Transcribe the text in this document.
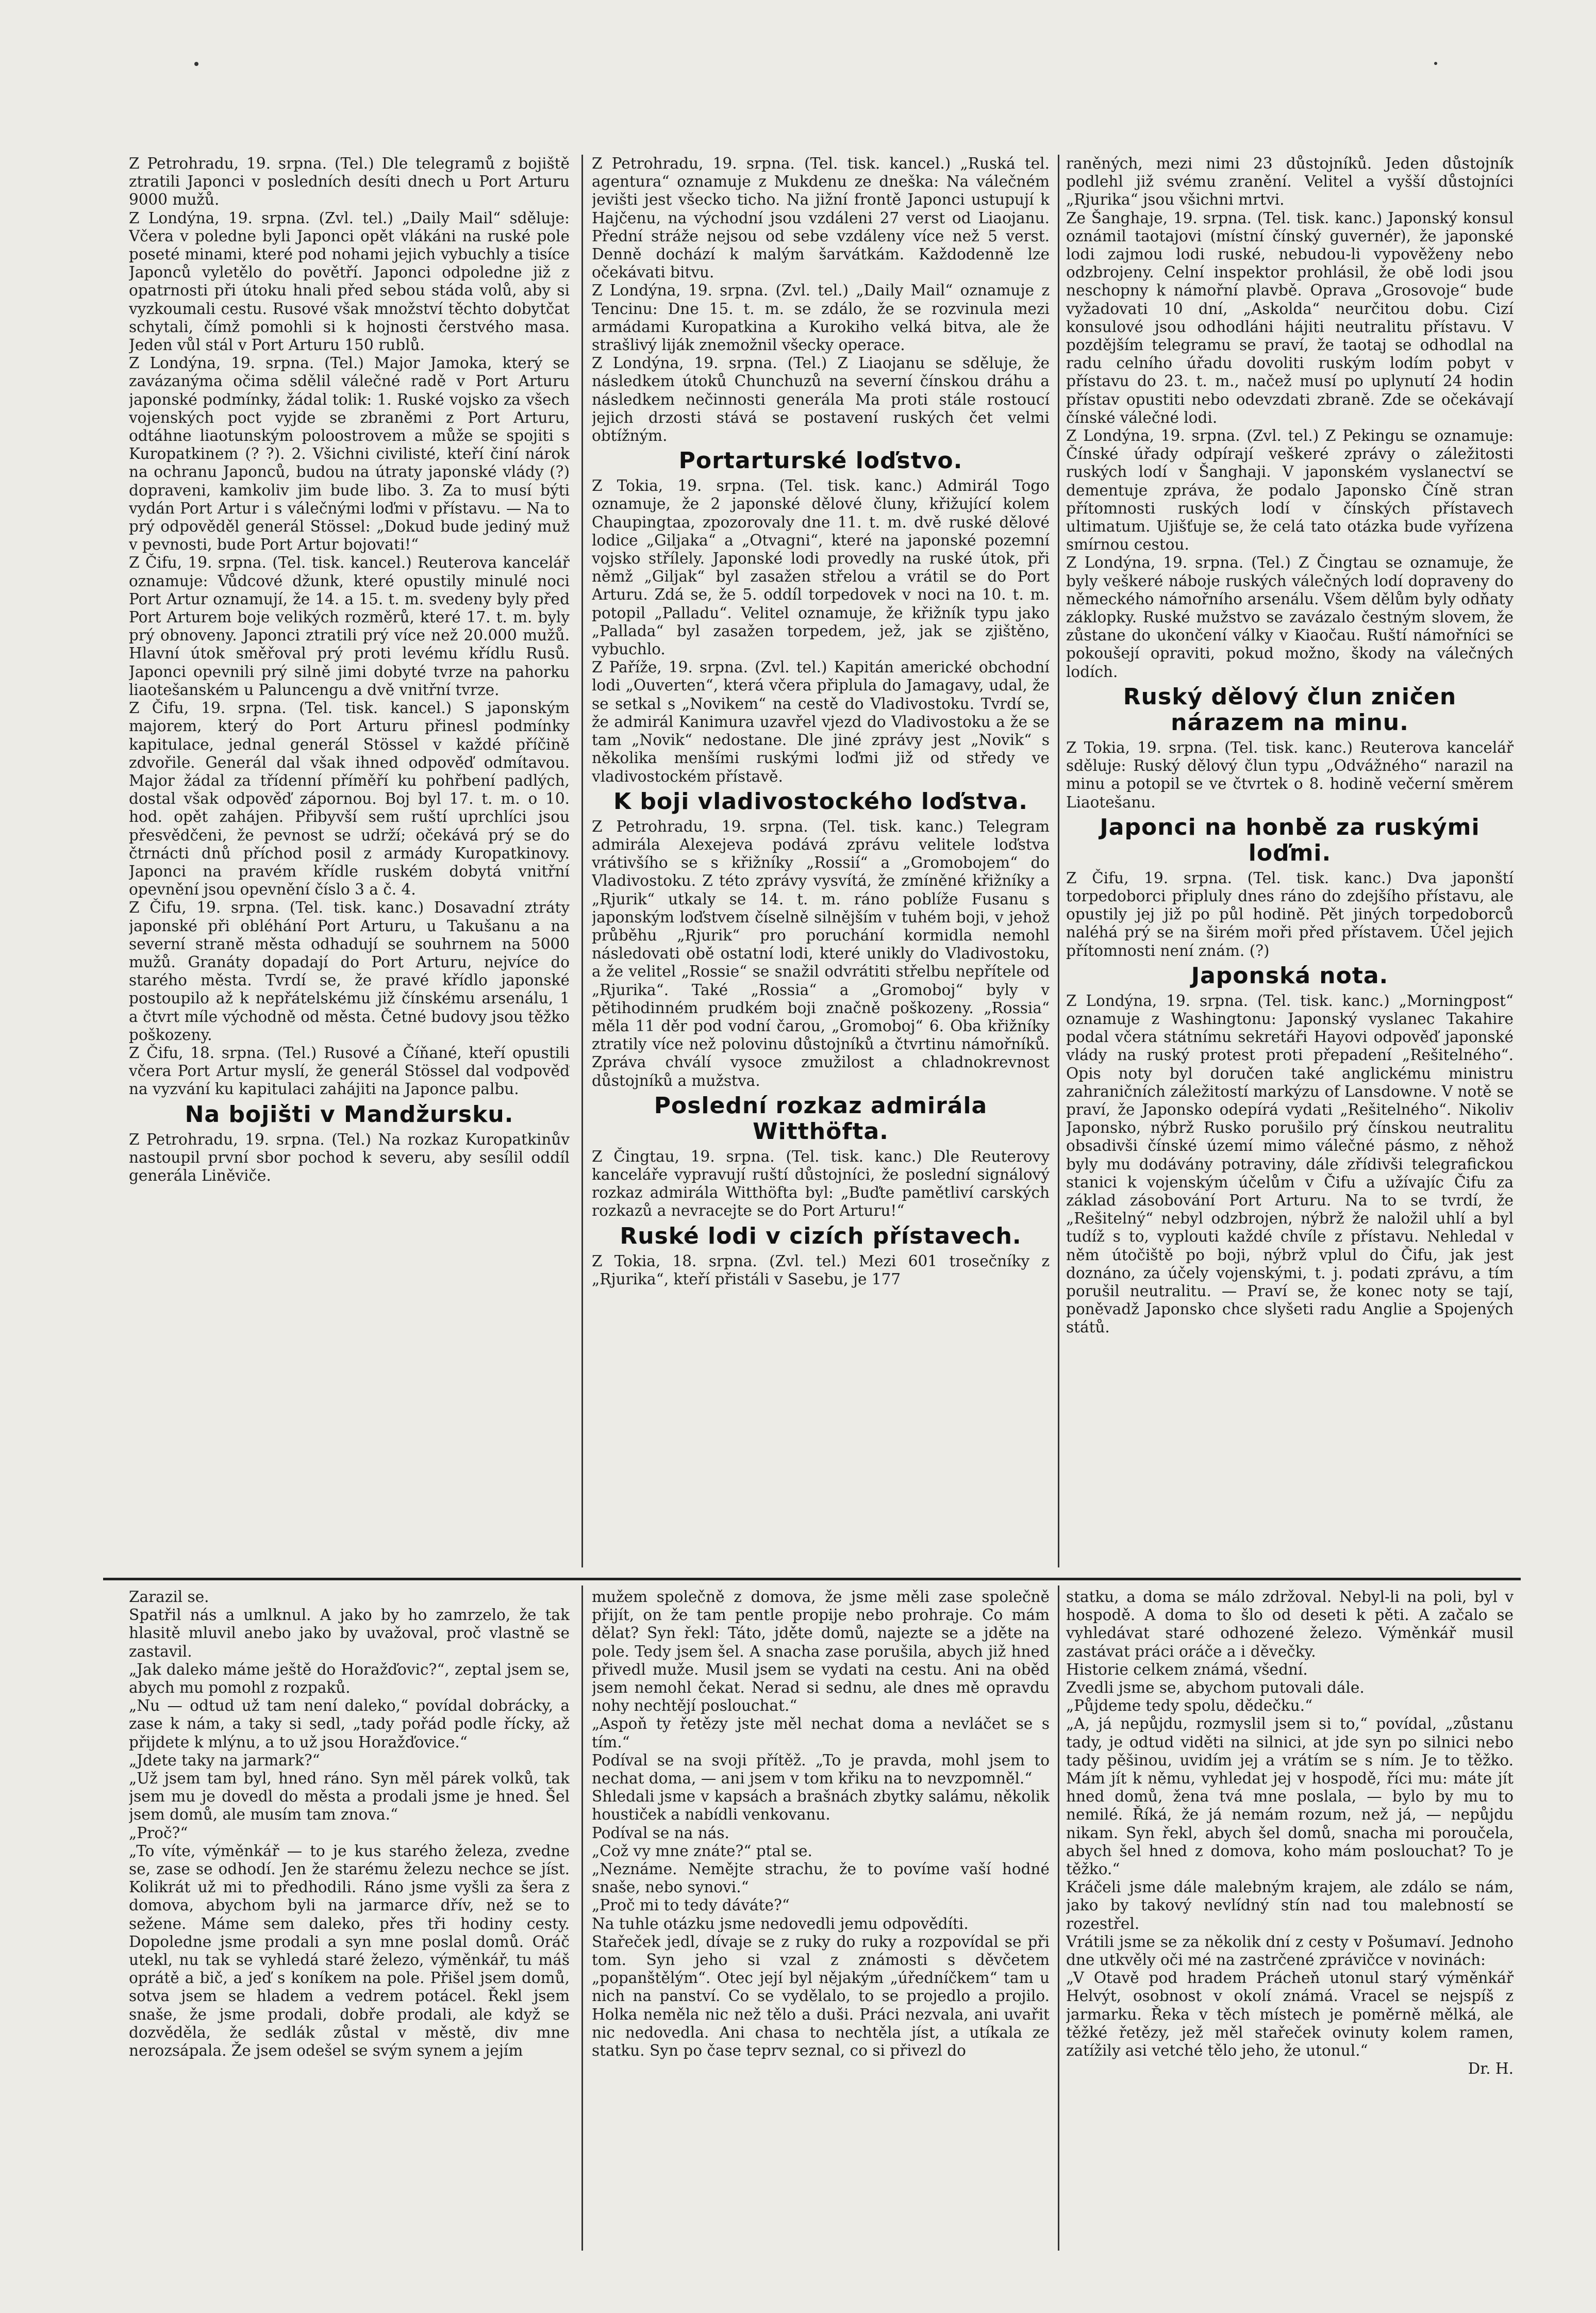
Z Petrohradu, 19. srpna. (Tel.) Dle telegramů z bojiště ztratili Japonci v posledních desíti dnech u Port Arturu 9000 mužů.

Z Londýna, 19. srpna. (Zvl. tel.) „Daily Mail“ sděluje: Včera v poledne byli Japonci opět vlákáni na ruské pole poseté minami, které pod nohami jejich vybuchly a tisíce Japonců vyletělo do povětří. Japonci odpoledne již z opatrnosti při útoku hnali před sebou stáda volů, aby si vyzkoumali cestu. Rusové však množství těchto dobytčat schytali, čímž pomohli si k hojnosti čerstvého masa. Jeden vůl stál v Port Arturu 150 rublů.

Z Londýna, 19. srpna. (Tel.) Major Jamoka, který se zavázanýma očima sdělil válečné radě v Port Arturu japonské podmínky, žádal tolik: 1. Ruské vojsko za všech vojenských poct vyjde se zbraněmi z Port Arturu, odtáhne liaotunským poloostrovem a může se spojiti s Kuropatkinem (? ?). 2. Všichni civilisté, kteří činí nárok na ochranu Japonců, budou na útraty japonské vlády (?) dopraveni, kamkoliv jim bude libo. 3. Za to musí býti vydán Port Artur i s válečnými loďmi v přístavu. — Na to prý odpověděl generál Stössel: „Dokud bude jediný muž v pevnosti, bude Port Artur bojovati!“

Z Čifu, 19. srpna. (Tel. tisk. kancel.) Reuterova kancelář oznamuje: Vůdcové džunk, které opustily minulé noci Port Artur oznamují, že 14. a 15. t. m. svedeny byly před Port Arturem boje velikých rozměrů, které 17. t. m. byly prý obnoveny. Japonci ztratili prý více než 20.000 mužů. Hlavní útok směřoval prý proti levému křídlu Rusů. Japonci opevnili prý silně jimi dobyté tvrze na pahorku liaotešanském u Paluncengu a dvě vnitřní tvrze.

Z Čifu, 19. srpna. (Tel. tisk. kancel.) S japonským majorem, který do Port Arturu přinesl podmínky kapitulace, jednal generál Stössel v každé příčině zdvořile. Generál dal však ihned odpověď odmítavou. Major žádal za třídenní příměří ku pohřbení padlých, dostal však odpověď zápornou. Boj byl 17. t. m. o 10. hod. opět zahájen. Přibyvší sem ruští uprchlíci jsou přesvědčeni, že pevnost se udrží; očekává prý se do čtrnácti dnů příchod posil z armády Kuropatkinovy. Japonci na pravém křídle ruském dobytá vnitřní opevnění jsou opevnění číslo 3 a č. 4.

Z Čifu, 19. srpna. (Tel. tisk. kanc.) Dosavadní ztráty japonské při obléhání Port Arturu, u Takušanu a na severní straně města odhadují se souhrnem na 5000 mužů. Granáty dopadají do Port Arturu, nejvíce do starého města. Tvrdí se, že pravé křídlo japonské postoupilo až k nepřátelskému již čínskému arsenálu, 1 a čtvrt míle východně od města. Četné budovy jsou těžko poškozeny.

Z Čifu, 18. srpna. (Tel.) Rusové a Číňané, kteří opustili včera Port Artur myslí, že generál Stössel dal vodpověď na vyzvání ku kapitulaci zahájiti na Japonce palbu.

Na bojišti v Mandžursku.

Z Petrohradu, 19. srpna. (Tel.) Na rozkaz Kuropatkinův nastoupil první sbor pochod k severu, aby sesílil oddíl generála Liněviče.

Z Petrohradu, 19. srpna. (Tel. tisk. kancel.) „Ruská tel. agentura“ oznamuje z Mukdenu ze dneška: Na válečném jevišti jest všecko ticho. Na jižní frontě Japonci ustupují k Hajčenu, na východní jsou vzdáleni 27 verst od Liaojanu. Přední stráže nejsou od sebe vzdáleny více než 5 verst. Denně dochází k malým šarvátkám. Každodenně lze očekávati bitvu.

Z Londýna, 19. srpna. (Zvl. tel.) „Daily Mail“ oznamuje z Tencinu: Dne 15. t. m. se zdálo, že se rozvinula mezi armádami Kuropatkina a Kurokiho velká bitva, ale že strašlivý liják znemožnil všecky operace.

Z Londýna, 19. srpna. (Tel.) Z Liaojanu se sděluje, že následkem útoků Chunchuzů na severní čínskou dráhu a následkem nečinnosti generála Ma proti stále rostoucí jejich drzosti stává se postavení ruských čet velmi obtížným.

Portarturské loďstvo.

Z Tokia, 19. srpna. (Tel. tisk. kanc.) Admirál Togo oznamuje, že 2 japonské dělové čluny, křižující kolem Chaupingtaa, zpozorovaly dne 11. t. m. dvě ruské dělové lodice „Giljaka“ a „Otvagni“, které na japonské pozemní vojsko střílely. Japonské lodi provedly na ruské útok, při němž „Giljak“ byl zasažen střelou a vrátil se do Port Arturu. Zdá se, že 5. oddíl torpedovek v noci na 10. t. m. potopil „Palladu“. Velitel oznamuje, že křižník typu jako „Pallada“ byl zasažen torpedem, jež, jak se zjištěno, vybuchlo.

Z Paříže, 19. srpna. (Zvl. tel.) Kapitán americké obchodní lodi „Ouverten“, která včera připlula do Jamagavy, udal, že se setkal s „Novikem“ na cestě do Vladivostoku. Tvrdí se, že admirál Kanimura uzavřel vjezd do Vladivostoku a že se tam „Novik“ nedostane. Dle jiné zprávy jest „Novik“ s několika menšími ruskými loďmi již od středy ve vladivostockém přístavě.

K boji vladivostockého loďstva.

Z Petrohradu, 19. srpna. (Tel. tisk. kanc.) Telegram admirála Alexejeva podává zprávu velitele loďstva vrátivšího se s křižníky „Rossií“ a „Gromobojem“ do Vladivostoku. Z této zprávy vysvítá, že zmíněné křižníky a „Rjurik“ utkaly se 14. t. m. ráno poblíže Fusanu s japonským loďstvem číselně silnějším v tuhém boji, v jehož průběhu „Rjurik“ pro poruchání kormidla nemohl následovati obě ostatní lodi, které unikly do Vladivostoku, a že velitel „Rossie“ se snažil odvrátiti střelbu nepřítele od „Rjurika“. Také „Rossia“ a „Gromoboj“ byly v pětihodinném prudkém boji značně poškozeny. „Rossia“ měla 11 děr pod vodní čarou, „Gromoboj“ 6. Oba křižníky ztratily více než polovinu důstojníků a čtvrtinu námořníků. Zpráva chválí vysoce zmužilost a chladnokrevnost důstojníků a mužstva.

Poslední rozkaz admirála Witthöfta.

Z Čingtau, 19. srpna. (Tel. tisk. kanc.) Dle Reuterovy kanceláře vypravují ruští důstojníci, že poslední signálový rozkaz admirála Witthöfta byl: „Buďte pamětliví carských rozkazů a nevracejte se do Port Arturu!“

Ruské lodi v cizích přístavech.

Z Tokia, 18. srpna. (Zvl. tel.) Mezi 601 trosečníky z „Rjurika“, kteří přistáli v Sasebu, je 177

raněných, mezi nimi 23 důstojníků. Jeden důstojník podlehl již svému zranění. Velitel a vyšší důstojníci „Rjurika“ jsou všichni mrtvi.

Ze Šanghaje, 19. srpna. (Tel. tisk. kanc.) Japonský konsul oznámil taotajovi (místní čínský guvernér), že japonské lodi zajmou lodi ruské, nebudou-li vypověženy nebo odzbrojeny. Celní inspektor prohlásil, že obě lodi jsou neschopny k námořní plavbě. Oprava „Grosovoje“ bude vyžadovati 10 dní, „Askolda“ neurčitou dobu. Cizí konsulové jsou odhodláni hájiti neutralitu přístavu. V pozdějším telegramu se praví, že taotaj se odhodlal na radu celního úřadu dovoliti ruským lodím pobyt v přístavu do 23. t. m., načež musí po uplynutí 24 hodin přístav opustiti nebo odevzdati zbraně. Zde se očekávají čínské válečné lodi.

Z Londýna, 19. srpna. (Zvl. tel.) Z Pekingu se oznamuje: Čínské úřady odpírají veškeré zprávy o záležitosti ruských lodí v Šanghaji. V japonském vyslanectví se dementuje zpráva, že podalo Japonsko Číně stran přítomnosti ruských lodí v čínských přístavech ultimatum. Ujišťuje se, že celá tato otázka bude vyřízena smírnou cestou.

Z Londýna, 19. srpna. (Tel.) Z Čingtau se oznamuje, že byly veškeré náboje ruských válečných lodí dopraveny do německého námořního arsenálu. Všem dělům byly odňaty záklopky. Ruské mužstvo se zavázalo čestným slovem, že zůstane do ukončení války v Kiaočau. Ruští námořníci se pokoušejí opraviti, pokud možno, škody na válečných lodích.

Ruský dělový člun zničen nárazem na minu.

Z Tokia, 19. srpna. (Tel. tisk. kanc.) Reuterova kancelář sděluje: Ruský dělový člun typu „Odvážného“ narazil na minu a potopil se ve čtvrtek o 8. hodině večerní směrem Liaotešanu.

Japonci na honbě za ruskými loďmi.

Z Čifu, 19. srpna. (Tel. tisk. kanc.) Dva japonští torpedoborci připluly dnes ráno do zdejšího přístavu, ale opustily jej již po půl hodině. Pět jiných torpedoborců naléhá prý se na širém moři před přístavem. Účel jejich přítomnosti není znám. (?)

Japonská nota.

Z Londýna, 19. srpna. (Tel. tisk. kanc.) „Morningpost“ oznamuje z Washingtonu: Japonský vyslanec Takahire podal včera státnímu sekretáři Hayovi odpověď japonské vlády na ruský protest proti přepadení „Rešitelného“. Opis noty byl doručen také anglickému ministru zahraničních záležitostí markýzu of Lansdowne. V notě se praví, že Japonsko odepírá vydati „Rešitelného“. Nikoliv Japonsko, nýbrž Rusko porušilo prý čínskou neutralitu obsadivši čínské území mimo válečné pásmo, z něhož byly mu dodávány potraviny, dále zřídivši telegrafickou stanici k vojenským účelům v Čifu a užívajíc Čifu za základ zásobování Port Arturu. Na to se tvrdí, že „Rešitelný“ nebyl odzbrojen, nýbrž že naložil uhlí a byl tudíž s to, vyplouti každé chvíle z přístavu. Nehledal v něm útočiště po boji, nýbrž vplul do Čifu, jak jest doznáno, za účely vojenskými, t. j. podati zprávu, a tím porušil neutralitu. — Praví se, že konec noty se tají, poněvadž Japonsko chce slyšeti radu Anglie a Spojených států.

Zarazil se.

Spatřil nás a umlknul. A jako by ho zamrzelo, že tak hlasitě mluvil anebo jako by uvažoval, proč vlastně se zastavil.

„Jak daleko máme ještě do Horažďovic?“, zeptal jsem se, abych mu pomohl z rozpaků.

„Nu — odtud už tam není daleko,“ povídal dobrácky, a zase k nám, a taky si sedl, „tady pořád podle řícky, až přijdete k mlýnu, a to už jsou Horažďovice.“

„Jdete taky na jarmark?“

„Už jsem tam byl, hned ráno. Syn měl párek volků, tak jsem mu je dovedl do města a prodali jsme je hned. Šel jsem domů, ale musím tam znova.“

„Proč?“

„To víte, výměnkář — to je kus starého železa, zvedne se, zase se odhodí. Jen že starému železu nechce se jíst. Kolikrát už mi to předhodili. Ráno jsme vyšli za šera z domova, abychom byli na jarmarce dřív, než se to sežene. Máme sem daleko, přes tři hodiny cesty. Dopoledne jsme prodali a syn mne poslal domů. Oráč utekl, nu tak se vyhledá staré železo, výměnkář, tu máš oprátě a bič, a jeď s koníkem na pole. Přišel jsem domů, sotva jsem se hladem a vedrem potácel. Řekl jsem snaše, že jsme prodali, dobře prodali, ale když se dozvěděla, že sedlák zůstal v městě, div mne nerozsápala. Že jsem odešel se svým synem a jejím

mužem společně z domova, že jsme měli zase společně přijít, on že tam pentle propije nebo prohraje. Co mám dělat? Syn řekl: Táto, jděte domů, najezte se a jděte na pole. Tedy jsem šel. A snacha zase porušila, abych již hned přivedl muže. Musil jsem se vydati na cestu. Ani na oběd jsem nemohl čekat. Nerad si sednu, ale dnes mě opravdu nohy nechtějí poslouchat.“

„Aspoň ty řetězy jste měl nechat doma a nevláčet se s tím.“

Podíval se na svoji přítěž. „To je pravda, mohl jsem to nechat doma, — ani jsem v tom křiku na to nevzpomněl.“

Shledali jsme v kapsách a brašnách zbytky salámu, několik houstiček a nabídli venkovanu.

Podíval se na nás.

„Což vy mne znáte?“ ptal se.

„Neznáme. Nemějte strachu, že to povíme vaší hodné snaše, nebo synovi.“

„Proč mi to tedy dáváte?“

Na tuhle otázku jsme nedovedli jemu odpovědíti.

Stařeček jedl, dívaje se z ruky do ruky a rozpovídal se při tom. Syn jeho si vzal z známosti s děvčetem „popanštělým“. Otec její byl nějakým „úředníčkem“ tam u nich na panství. Co se vydělalo, to se projedlo a projilo. Holka neměla nic než tělo a duši. Práci nezvala, ani uvařit nic nedovedla. Ani chasa to nechtěla jíst, a utíkala ze statku. Syn po čase teprv seznal, co si přivezl do

statku, a doma se málo zdržoval. Nebyl-li na poli, byl v hospodě. A doma to šlo od deseti k pěti. A začalo se vyhledávat staré odhozené železo. Výměnkář musil zastávat práci oráče a i děvečky.

Historie celkem známá, všední.

Zvedli jsme se, abychom putovali dále.

„Půjdeme tedy spolu, dědečku.“

„A, já nepůjdu, rozmyslil jsem si to,“ povídal, „zůstanu tady, je odtud viděti na silnici, at jde syn po silnici nebo tady pěšinou, uvidím jej a vrátím se s ním. Je to těžko. Mám jít k němu, vyhledat jej v hospodě, říci mu: máte jít hned domů, žena tvá mne poslala, — bylo by mu to nemilé. Říká, že já nemám rozum, než já, — nepůjdu nikam. Syn řekl, abych šel domů, snacha mi poroučela, abych šel hned z domova, koho mám poslouchat? To je těžko.“

Kráčeli jsme dále malebným krajem, ale zdálo se nám, jako by takový nevlídný stín nad tou malebností se rozestřel.

Vrátili jsme se za několik dní z cesty v Pošumaví. Jednoho dne utkvěly oči mé na zastrčené zprávičce v novinách:

„V Otavě pod hradem Prácheň utonul starý výměnkář Helvýt, osobnost v okolí známá. Vracel se nejspíš z jarmarku. Řeka v těch místech je poměrně mělká, ale těžké řetězy, jež měl stařeček ovinuty kolem ramen, zatížily asi vetché tělo jeho, že utonul.“

Dr. H.
